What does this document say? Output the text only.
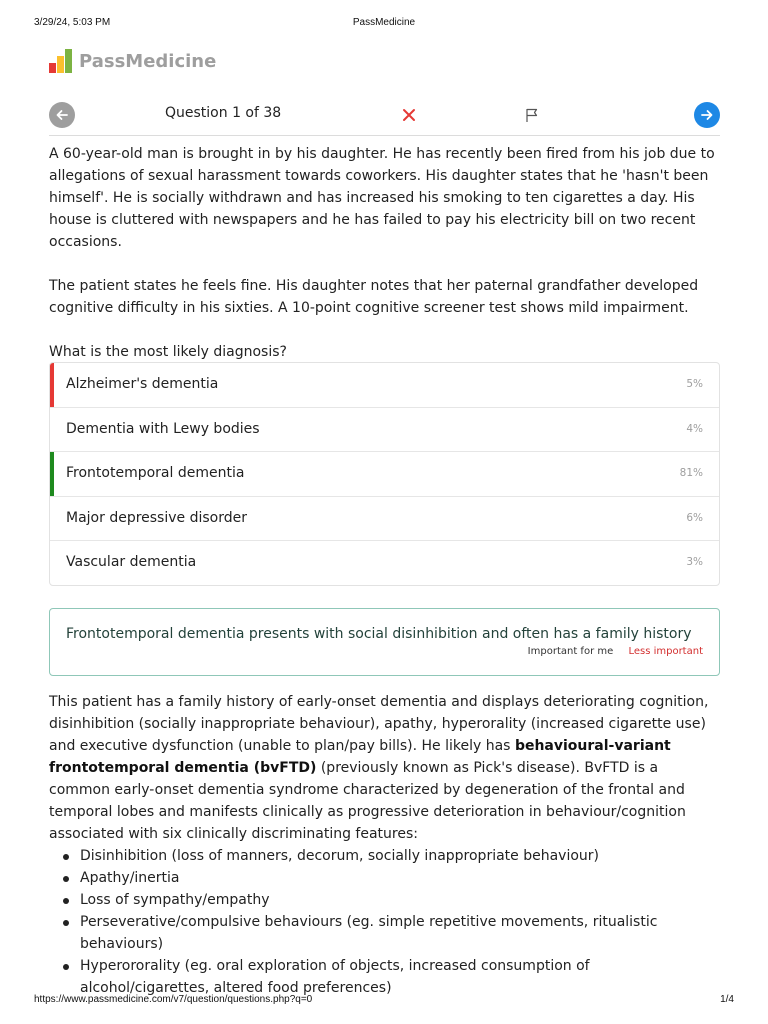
3/29/24, 5:03 PM	PassMedicine
PassMedicine
Question 1 of 38

A 60-year-old man is brought in by his daughter. He has recently been fired from his job due to allegations of sexual harassment towards coworkers. His daughter states that he 'hasn't been himself'. He is socially withdrawn and has increased his smoking to ten cigarettes a day. His house is cluttered with newspapers and he has failed to pay his electricity bill on two recent occasions.

The patient states he feels fine. His daughter notes that her paternal grandfather developed cognitive difficulty in his sixties. A 10-point cognitive screener test shows mild impairment.

What is the most likely diagnosis?

Alzheimer's dementia	5%
Dementia with Lewy bodies	4%
Frontotemporal dementia	81%
Major depressive disorder	6%
Vascular dementia	3%
Frontotemporal dementia presents with social disinhibition and often has a family history
Important for me Less important

This patient has a family history of early-onset dementia and displays deteriorating cognition, disinhibition (socially inappropriate behaviour), apathy, hyperorality (increased cigarette use) and executive dysfunction (unable to plan/pay bills). He likely has behavioural-variant frontotemporal dementia (bvFTD) (previously known as Pick's disease). BvFTD is a common early-onset dementia syndrome characterized by degeneration of the frontal and temporal lobes and manifests clinically as progressive deterioration in behaviour/cognition associated with six clinically discriminating features:

Disinhibition (loss of manners, decorum, socially inappropriate behaviour)
Apathy/inertia
Loss of sympathy/empathy
Perseverative/compulsive behaviours (eg. simple repetitive movements, ritualistic behaviours)
Hyperororality (eg. oral exploration of objects, increased consumption of alcohol/cigarettes, altered food preferences)
https://www.passmedicine.com/v7/question/questions.php?q=0	1/4
